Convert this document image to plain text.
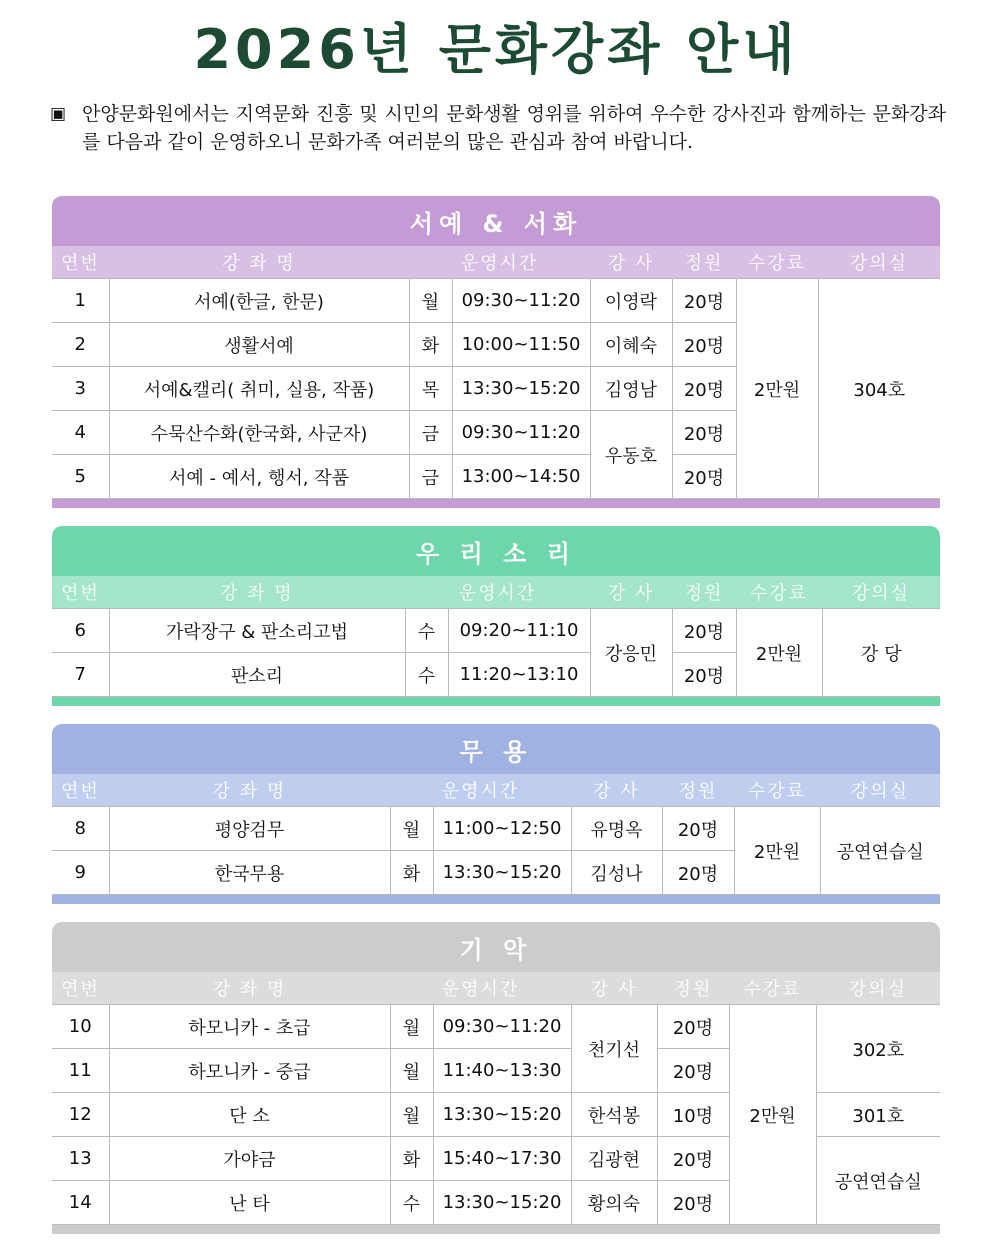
2026년 문화강좌 안내
▣ 안양문화원에서는 지역문화 진흥 및 시민의 문화생활 영위를 위하여 우수한 강사진과 함께하는 문화강좌를 다음과 같이 운영하오니 문화가족 여러분의 많은 관심과 참여 바랍니다.
서예 & 서화
연번	강 좌 명	운영시간		강 사	정원	수강료	강의실
1	서예(한글, 한문)	월	09:30~11:20	이영락	20명	2만원	304호
2	생활서예	화	10:00~11:50	이혜숙	20명		
3	서예&캘리( 취미, 실용, 작품)	목	13:30~15:20	김영남	20명		
4	수묵산수화(한국화, 사군자)	금	09:30~11:20	우동호	20명		
5	서예 - 예서, 행서, 작품	금	13:00~14:50		20명		
우 리 소 리
연번	강 좌 명	운영시간		강 사	정원	수강료	강의실
6	가락장구 & 판소리고법	수	09:20~11:10	강응민	20명	2만원	강 당
7	판소리	수	11:20~13:10		20명		
무 용
연번	강 좌 명	운영시간		강 사	정원	수강료	강의실
8	평양검무	월	11:00~12:50	유명옥	20명	2만원	공연연습실
9	한국무용	화	13:30~15:20	김성나	20명		
기 악
연번	강 좌 명	운영시간		강 사	정원	수강료	강의실
10	하모니카 - 초급	월	09:30~11:20	천기선	20명	2만원	302호
11	하모니카 - 중급	월	11:40~13:30		20명		
12	단 소	월	13:30~15:20	한석봉	10명		301호
13	가야금	화	15:40~17:30	김광현	20명		공연연습실
14	난 타	수	13:30~15:20	황의숙	20명		
